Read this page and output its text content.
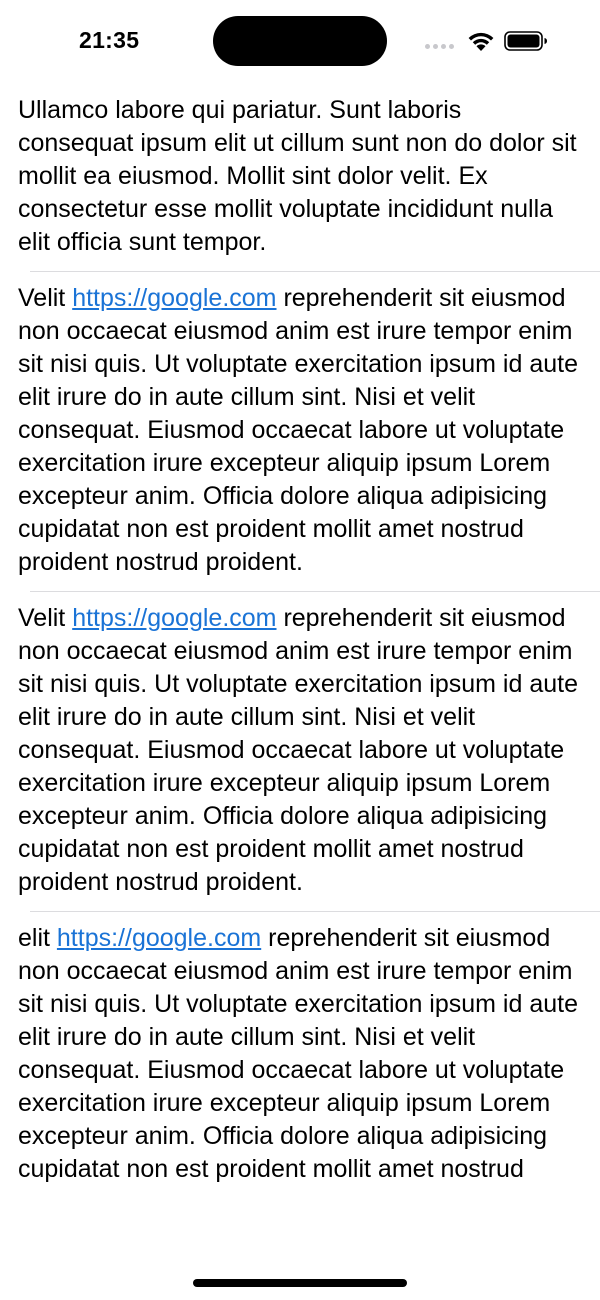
21:35

Ullamco labore qui pariatur. Sunt laboris consequat ipsum elit ut cillum sunt non do dolor sit mollit ea eiusmod. Mollit sint dolor velit. Ex consectetur esse mollit voluptate incididunt nulla elit officia sunt tempor.

Velit https://google.com reprehenderit sit eiusmod non occaecat eiusmod anim est irure tempor enim sit nisi quis. Ut voluptate exercitation ipsum id aute elit irure do in aute cillum sint. Nisi et velit consequat. Eiusmod occaecat labore ut voluptate exercitation irure excepteur aliquip ipsum Lorem excepteur anim. Officia dolore aliqua adipisicing cupidatat non est proident mollit amet nostrud proident nostrud proident.

Velit https://google.com reprehenderit sit eiusmod non occaecat eiusmod anim est irure tempor enim sit nisi quis. Ut voluptate exercitation ipsum id aute elit irure do in aute cillum sint. Nisi et velit consequat. Eiusmod occaecat labore ut voluptate exercitation irure excepteur aliquip ipsum Lorem excepteur anim. Officia dolore aliqua adipisicing cupidatat non est proident mollit amet nostrud proident nostrud proident.

elit https://google.com reprehenderit sit eiusmod non occaecat eiusmod anim est irure tempor enim sit nisi quis. Ut voluptate exercitation ipsum id aute elit irure do in aute cillum sint. Nisi et velit consequat. Eiusmod occaecat labore ut voluptate exercitation irure excepteur aliquip ipsum Lorem excepteur anim. Officia dolore aliqua adipisicing cupidatat non est proident mollit amet nostrud
